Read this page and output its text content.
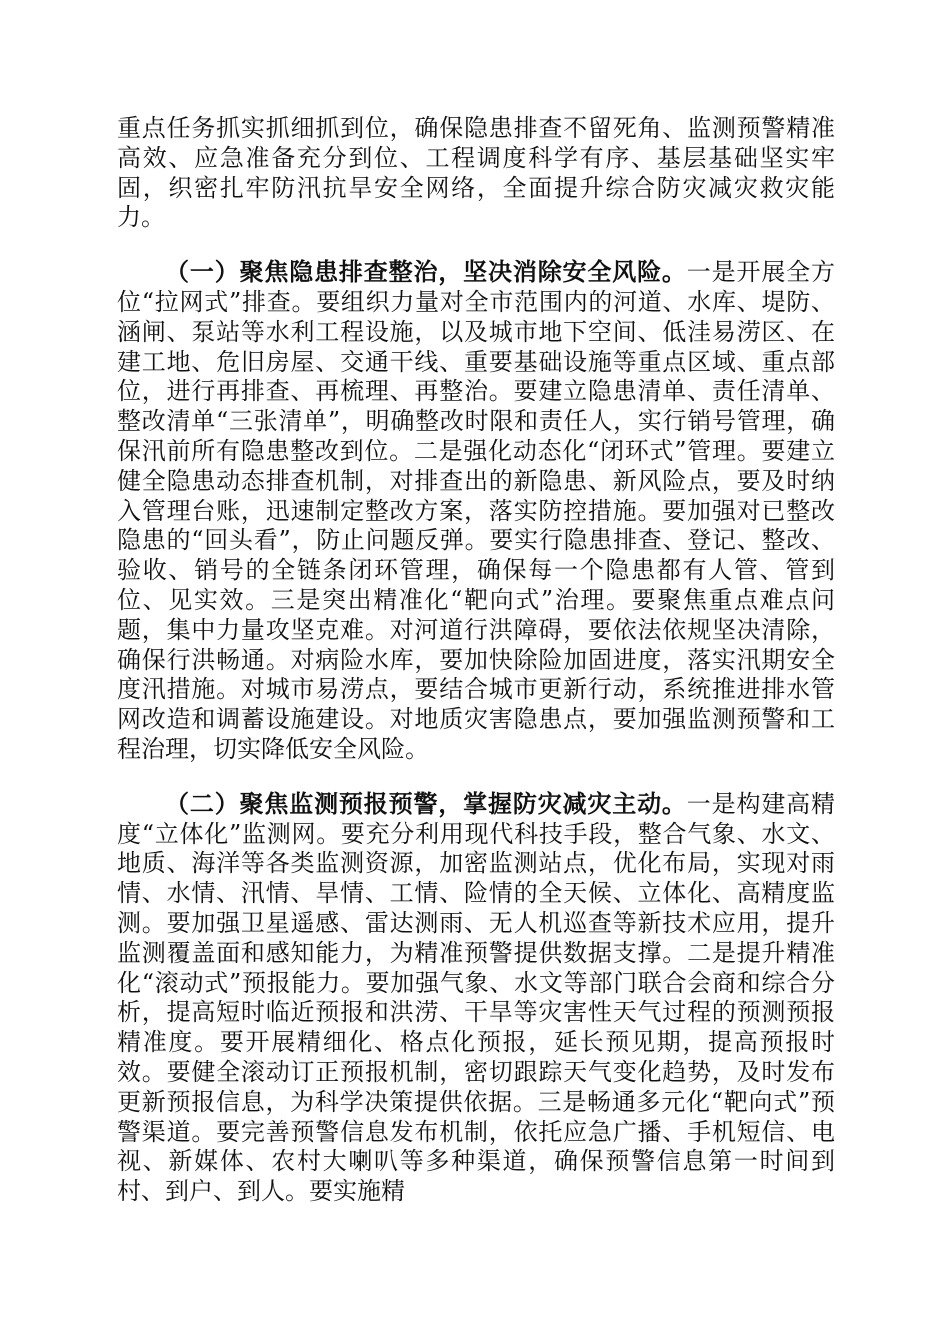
重点任务抓实抓细抓到位，确保隐患排查不留死角、监测预警精准高效、应急准备充分到位、工程调度科学有序、基层基础坚实牢固，织密扎牢防汛抗旱安全网络，全面提升综合防灾减灾救灾能力。

（一）聚焦隐患排查整治，坚决消除安全风险。一是开展全方位“拉网式”排查。要组织力量对全市范围内的河道、水库、堤防、涵闸、泵站等水利工程设施，以及城市地下空间、低洼易涝区、在建工地、危旧房屋、交通干线、重要基础设施等重点区域、重点部位，进行再排查、再梳理、再整治。要建立隐患清单、责任清单、整改清单“三张清单”，明确整改时限和责任人，实行销号管理，确保汛前所有隐患整改到位。二是强化动态化“闭环式”管理。要建立健全隐患动态排查机制，对排查出的新隐患、新风险点，要及时纳入管理台账，迅速制定整改方案，落实防控措施。要加强对已整改隐患的“回头看”，防止问题反弹。要实行隐患排查、登记、整改、验收、销号的全链条闭环管理，确保每一个隐患都有人管、管到位、见实效。三是突出精准化“靶向式”治理。要聚焦重点难点问题，集中力量攻坚克难。对河道行洪障碍，要依法依规坚决清除，确保行洪畅通。对病险水库，要加快除险加固进度，落实汛期安全度汛措施。对城市易涝点，要结合城市更新行动，系统推进排水管网改造和调蓄设施建设。对地质灾害隐患点，要加强监测预警和工程治理，切实降低安全风险。

（二）聚焦监测预报预警，掌握防灾减灾主动。一是构建高精度“立体化”监测网。要充分利用现代科技手段，整合气象、水文、地质、海洋等各类监测资源，加密监测站点，优化布局，实现对雨情、水情、汛情、旱情、工情、险情的全天候、立体化、高精度监测。要加强卫星遥感、雷达测雨、无人机巡查等新技术应用，提升监测覆盖面和感知能力，为精准预警提供数据支撑。二是提升精准化“滚动式”预报能力。要加强气象、水文等部门联合会商和综合分析，提高短时临近预报和洪涝、干旱等灾害性天气过程的预测预报精准度。要开展精细化、格点化预报，延长预见期，提高预报时效。要健全滚动订正预报机制，密切跟踪天气变化趋势，及时发布更新预报信息，为科学决策提供依据。三是畅通多元化“靶向式”预警渠道。要完善预警信息发布机制，依托应急广播、手机短信、电视、新媒体、农村大喇叭等多种渠道，确保预警信息第一时间到村、到户、到人。要实施精
